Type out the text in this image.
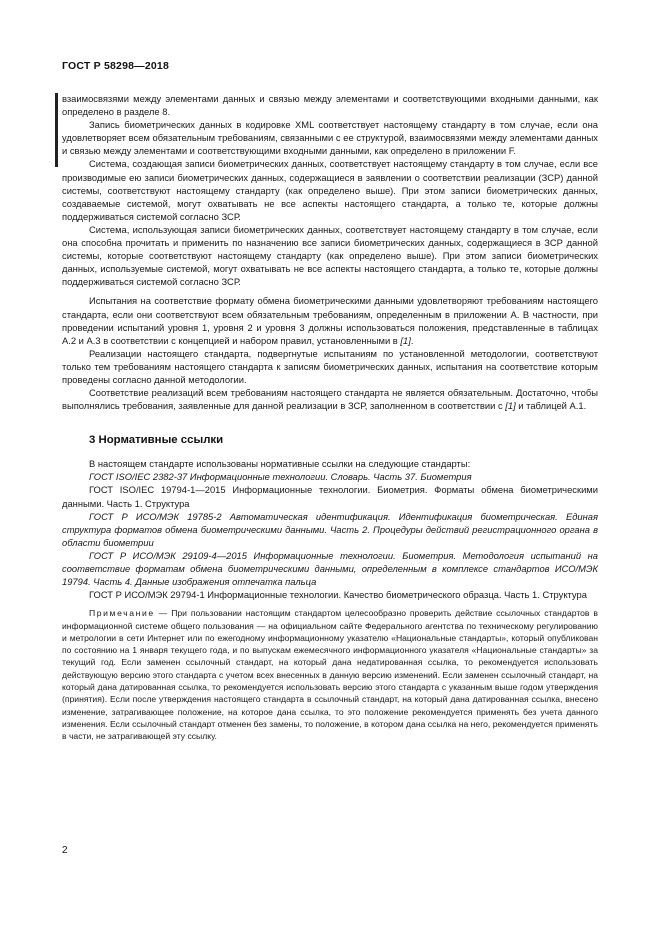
ГОСТ Р 58298—2018

взаимосвязями между элементами данных и связью между элементами и соответствующими входными данными, как определено в разделе 8.

Запись биометрических данных в кодировке XML соответствует настоящему стандарту в том случае, если она удовлетворяет всем обязательным требованиям, связанными с ее структурой, взаимосвязями между элементами данных и связью между элементами и соответствующими входными данными, как определено в приложении F.

Система, создающая записи биометрических данных, соответствует настоящему стандарту в том случае, если все производимые ею записи биометрических данных, содержащиеся в заявлении о соответствии реализации (ЗСР) данной системы, соответствуют настоящему стандарту (как определено выше). При этом записи биометрических данных, создаваемые системой, могут охватывать не все аспекты настоящего стандарта, а только те, которые должны поддерживаться системой согласно ЗСР.

Система, использующая записи биометрических данных, соответствует настоящему стандарту в том случае, если она способна прочитать и применить по назначению все записи биометрических данных, содержащиеся в ЗСР данной системы, которые соответствуют настоящему стандарту (как определено выше). При этом записи биометрических данных, используемые системой, могут охватывать не все аспекты настоящего стандарта, а только те, которые должны поддерживаться системой согласно ЗСР.

Испытания на соответствие формату обмена биометрическими данными удовлетворяют требованиям настоящего стандарта, если они соответствуют всем обязательным требованиям, определенным в приложении А. В частности, при проведении испытаний уровня 1, уровня 2 и уровня 3 должны использоваться положения, представленные в таблицах А.2 и А.3 в соответствии с концепцией и набором правил, установленными в [1].

Реализации настоящего стандарта, подвергнутые испытаниям по установленной методологии, соответствуют только тем требованиям настоящего стандарта к записям биометрических данных, испытания на соответствие которым проведены согласно данной методологии.

Соответствие реализаций всем требованиям настоящего стандарта не является обязательным. Достаточно, чтобы выполнялись требования, заявленные для данной реализации в ЗСР, заполненном в соответствии с [1] и таблицей А.1.

3 Нормативные ссылки

В настоящем стандарте использованы нормативные ссылки на следующие стандарты:

ГОСТ ISO/IEC 2382-37 Информационные технологии. Словарь. Часть 37. Биометрия

ГОСТ ISO/IEC 19794-1—2015 Информационные технологии. Биометрия. Форматы обмена биометрическими данными. Часть 1. Структура

ГОСТ Р ИСО/МЭК 19785-2 Автоматическая идентификация. Идентификация биометрическая. Единая структура форматов обмена биометрическими данными. Часть 2. Процедуры действий регистрационного органа в области биометрии

ГОСТ Р ИСО/МЭК 29109-4—2015 Информационные технологии. Биометрия. Методология испытаний на соответствие форматам обмена биометрическими данными, определенным в комплексе стандартов ИСО/МЭК 19794. Часть 4. Данные изображения отпечатка пальца

ГОСТ Р ИСО/МЭК 29794-1 Информационные технологии. Качество биометрического образца. Часть 1. Структура

Примечание — При пользовании настоящим стандартом целесообразно проверить действие ссылочных стандартов в информационной системе общего пользования — на официальном сайте Федерального агентства по техническому регулированию и метрологии в сети Интернет или по ежегодному информационному указателю «Национальные стандарты», который опубликован по состоянию на 1 января текущего года, и по выпускам ежемесячного информационного указателя «Национальные стандарты» за текущий год. Если заменен ссылочный стандарт, на который дана недатированная ссылка, то рекомендуется использовать действующую версию этого стандарта с учетом всех внесенных в данную версию изменений. Если заменен ссылочный стандарт, на который дана датированная ссылка, то рекомендуется использовать версию этого стандарта с указанным выше годом утверждения (принятия). Если после утверждения настоящего стандарта в ссылочный стандарт, на который дана датированная ссылка, внесено изменение, затрагивающее положение, на которое дана ссылка, то это положение рекомендуется применять без учета данного изменения. Если ссылочный стандарт отменен без замены, то положение, в котором дана ссылка на него, рекомендуется применять в части, не затрагивающей эту ссылку.

2
